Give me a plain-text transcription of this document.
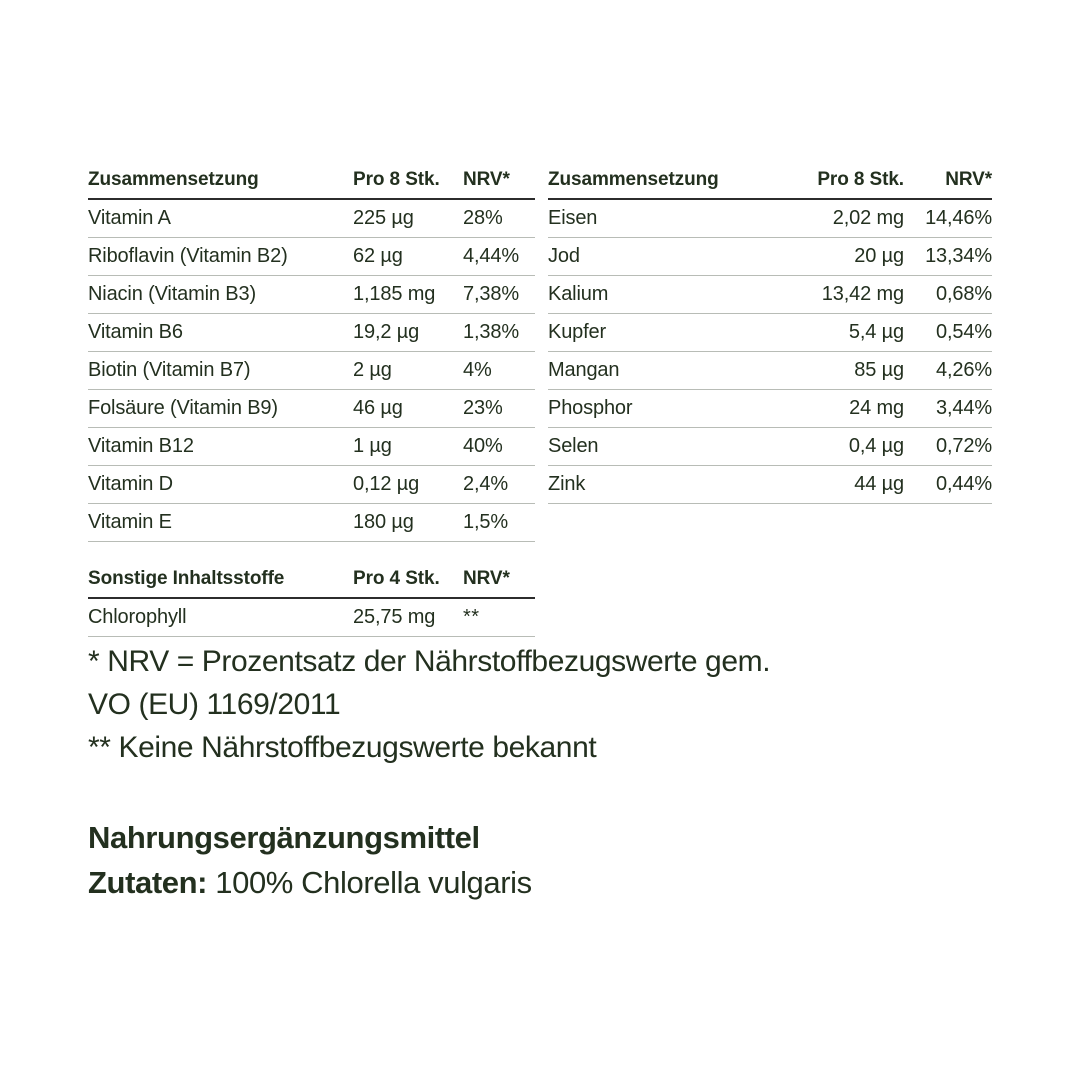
Zusammensetzung	Pro 8 Stk.	NRV*
Vitamin A	225 µg	28%
Riboflavin (Vitamin B2)	62 µg	4,44%
Niacin (Vitamin B3)	1,185 mg	7,38%
Vitamin B6	19,2 µg	1,38%
Biotin (Vitamin B7)	2 µg	4%
Folsäure (Vitamin B9)	46 µg	23%
Vitamin B12	1 µg	40%
Vitamin D	0,12 µg	2,4%
Vitamin E	180 µg	1,5%
Sonstige Inhaltsstoffe	Pro 4 Stk.	NRV*
Chlorophyll	25,75 mg	**
Zusammensetzung	Pro 8 Stk.	NRV*
Eisen	2,02 mg	14,46%
Jod	20 µg	13,34%
Kalium	13,42 mg	0,68%
Kupfer	5,4 µg	0,54%
Mangan	85 µg	4,26%
Phosphor	24 mg	3,44%
Selen	0,4 µg	0,72%
Zink	44 µg	0,44%
* NRV = Prozentsatz der Nährstoffbezugswerte gem.
VO (EU) 1169/2011
** Keine Nährstoffbezugswerte bekannt
Nahrungsergänzungsmittel
Zutaten: 100% Chlorella vulgaris
